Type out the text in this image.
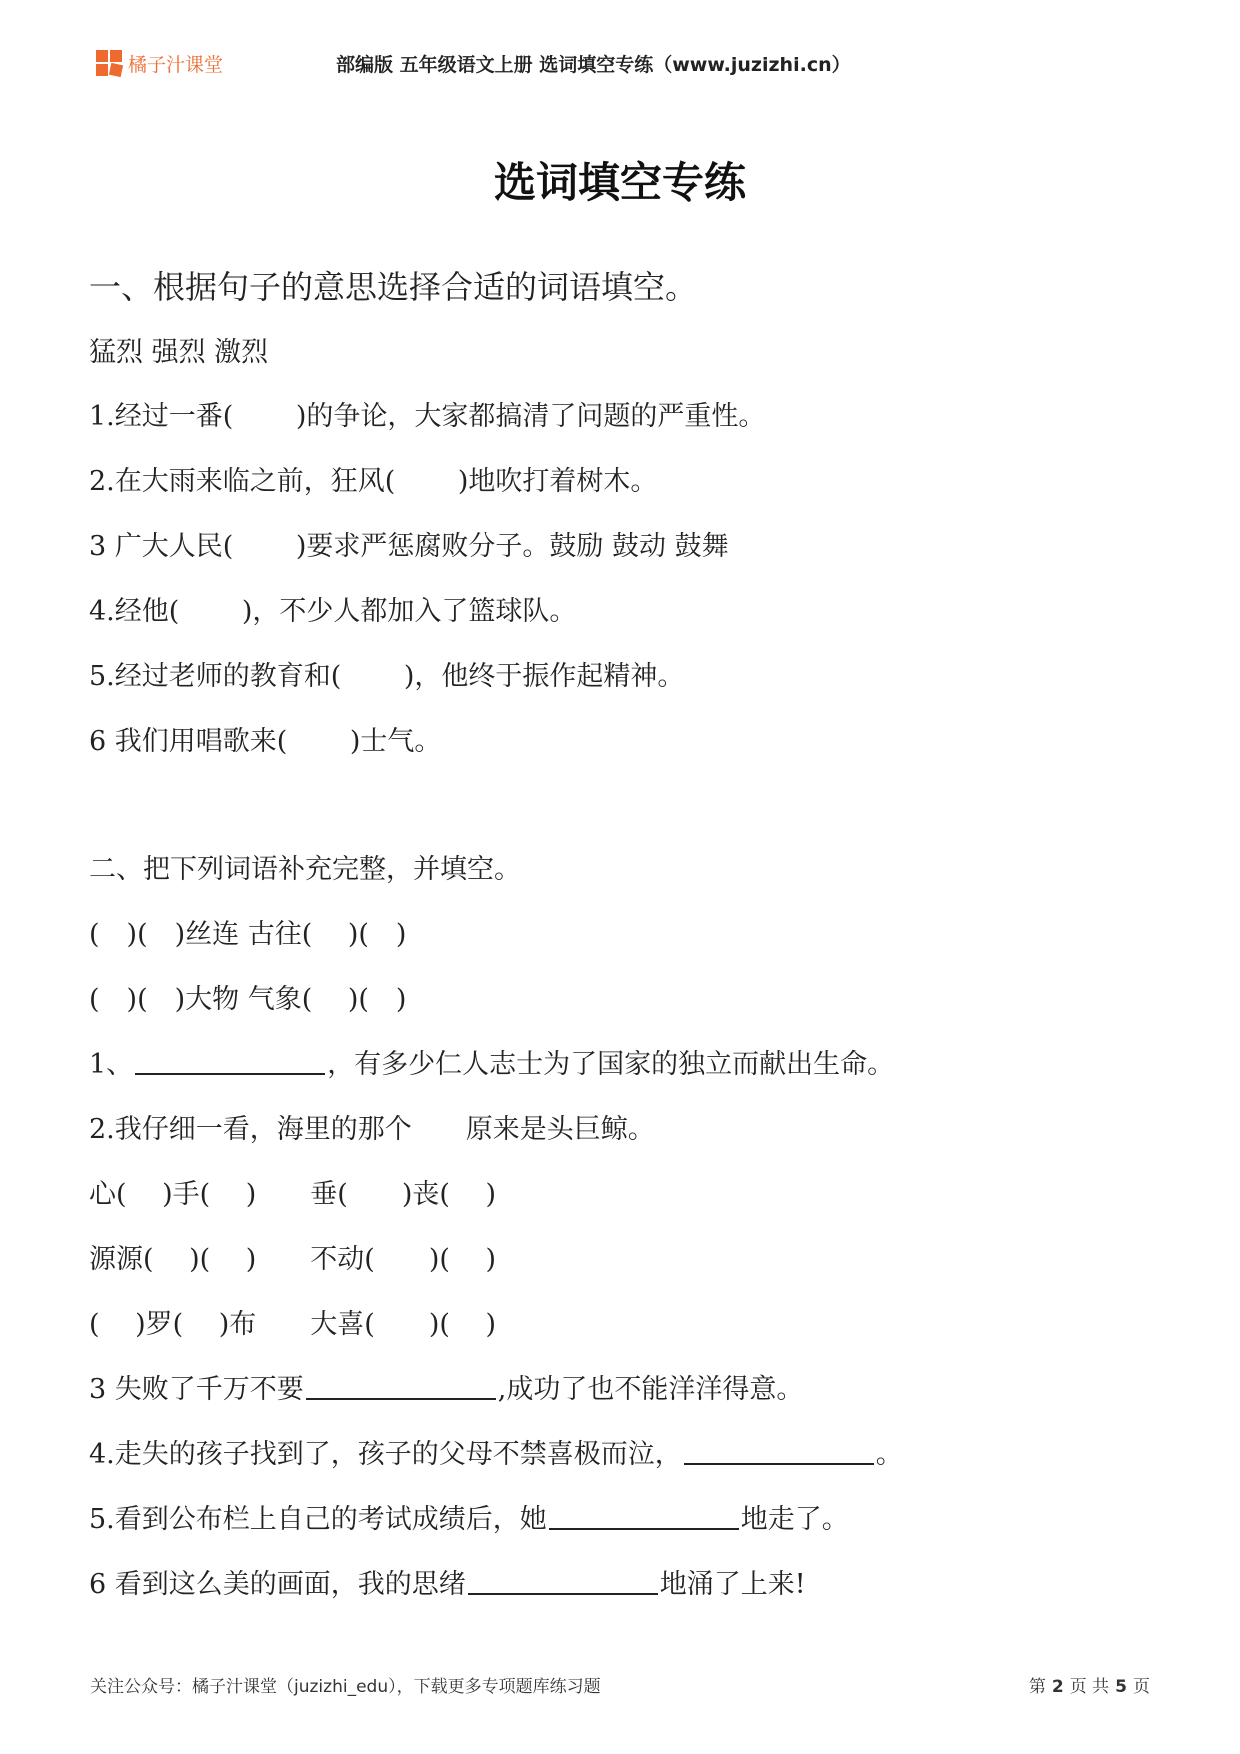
橘子汁课堂	部编版 五年级语文上册 选词填空专练（www.juzizhi.cn）
选词填空专练
一、根据句子的意思选择合适的词语填空。
猛烈 强烈 激烈
1.经过一番(　　 )的争论，大家都搞清了问题的严重性。
2.在大雨来临之前，狂风(　　 )地吹打着树木。
3 广大人民(　　 )要求严惩腐败分子。鼓励 鼓动 鼓舞
4.经他(　　 )，不少人都加入了篮球队。
5.经过老师的教育和(　　 )，他终于振作起精神。
6 我们用唱歌来(　　 )士气。
二、把下列词语补充完整，并填空。
(　)(　)丝连 古往(　 )(　)
(　)(　)大物 气象(　 )(　)
1、	，有多少仁人志士为了国家的独立而献出生命。
2.我仔细一看，海里的那个　　原来是头巨鲸。
心(　 )手(　 )　　垂(　　)丧(　 )
源源(　 )(　 )　　不动(　　)(　 )
(　 )罗(　 )布　　大喜(　　)(　 )
3 失败了千万不要	,成功了也不能洋洋得意。
4.走失的孩子找到了，孩子的父母不禁喜极而泣，	。
5.看到公布栏上自己的考试成绩后，她	地走了。
6 看到这么美的画面，我的思绪	地涌了上来!
关注公众号：橘子汁课堂（juzizhi_edu），下载更多专项题库练习题	第 2 页 共 5 页
